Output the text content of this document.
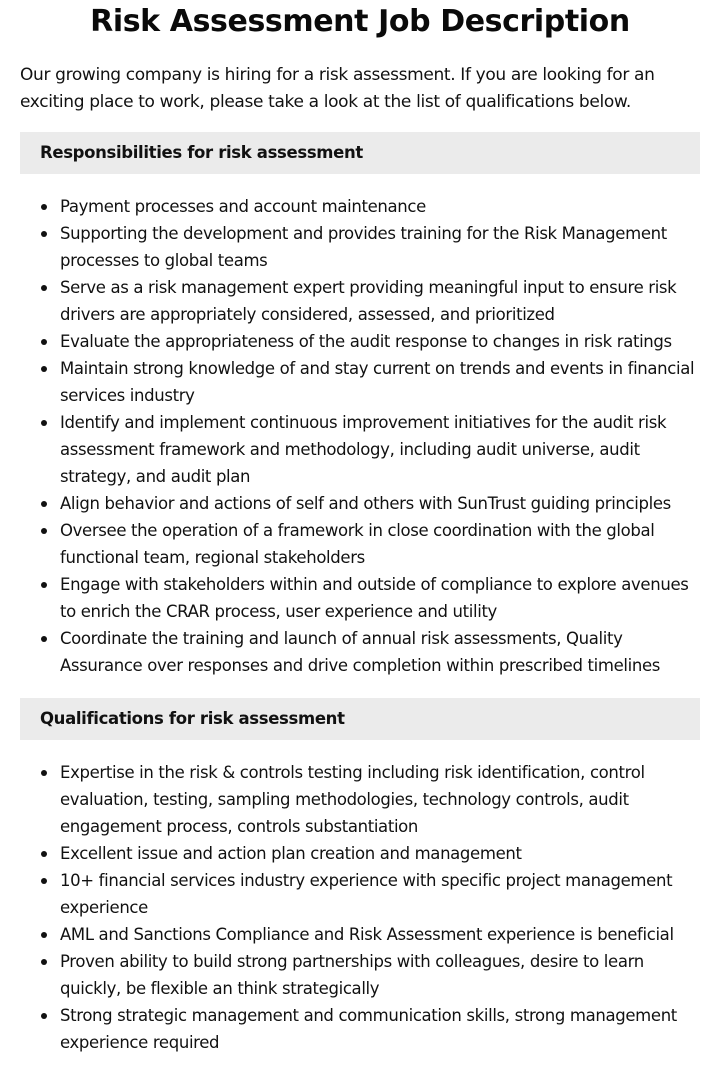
Risk Assessment Job Description

Our growing company is hiring for a risk assessment. If you are looking for an exciting place to work, please take a look at the list of qualifications below.

Responsibilities for risk assessment
Payment processes and account maintenance
Supporting the development and provides training for the Risk Management processes to global teams
Serve as a risk management expert providing meaningful input to ensure risk drivers are appropriately considered, assessed, and prioritized
Evaluate the appropriateness of the audit response to changes in risk ratings
Maintain strong knowledge of and stay current on trends and events in financial services industry
Identify and implement continuous improvement initiatives for the audit risk assessment framework and methodology, including audit universe, audit strategy, and audit plan
Align behavior and actions of self and others with SunTrust guiding principles
Oversee the operation of a framework in close coordination with the global functional team, regional stakeholders
Engage with stakeholders within and outside of compliance to explore avenues to enrich the CRAR process, user experience and utility
Coordinate the training and launch of annual risk assessments, Quality Assurance over responses and drive completion within prescribed timelines
Qualifications for risk assessment
Expertise in the risk & controls testing including risk identification, control evaluation, testing, sampling methodologies, technology controls, audit engagement process, controls substantiation
Excellent issue and action plan creation and management
10+ financial services industry experience with specific project management experience
AML and Sanctions Compliance and Risk Assessment experience is beneficial
Proven ability to build strong partnerships with colleagues, desire to learn quickly, be flexible an think strategically
Strong strategic management and communication skills, strong management experience required
